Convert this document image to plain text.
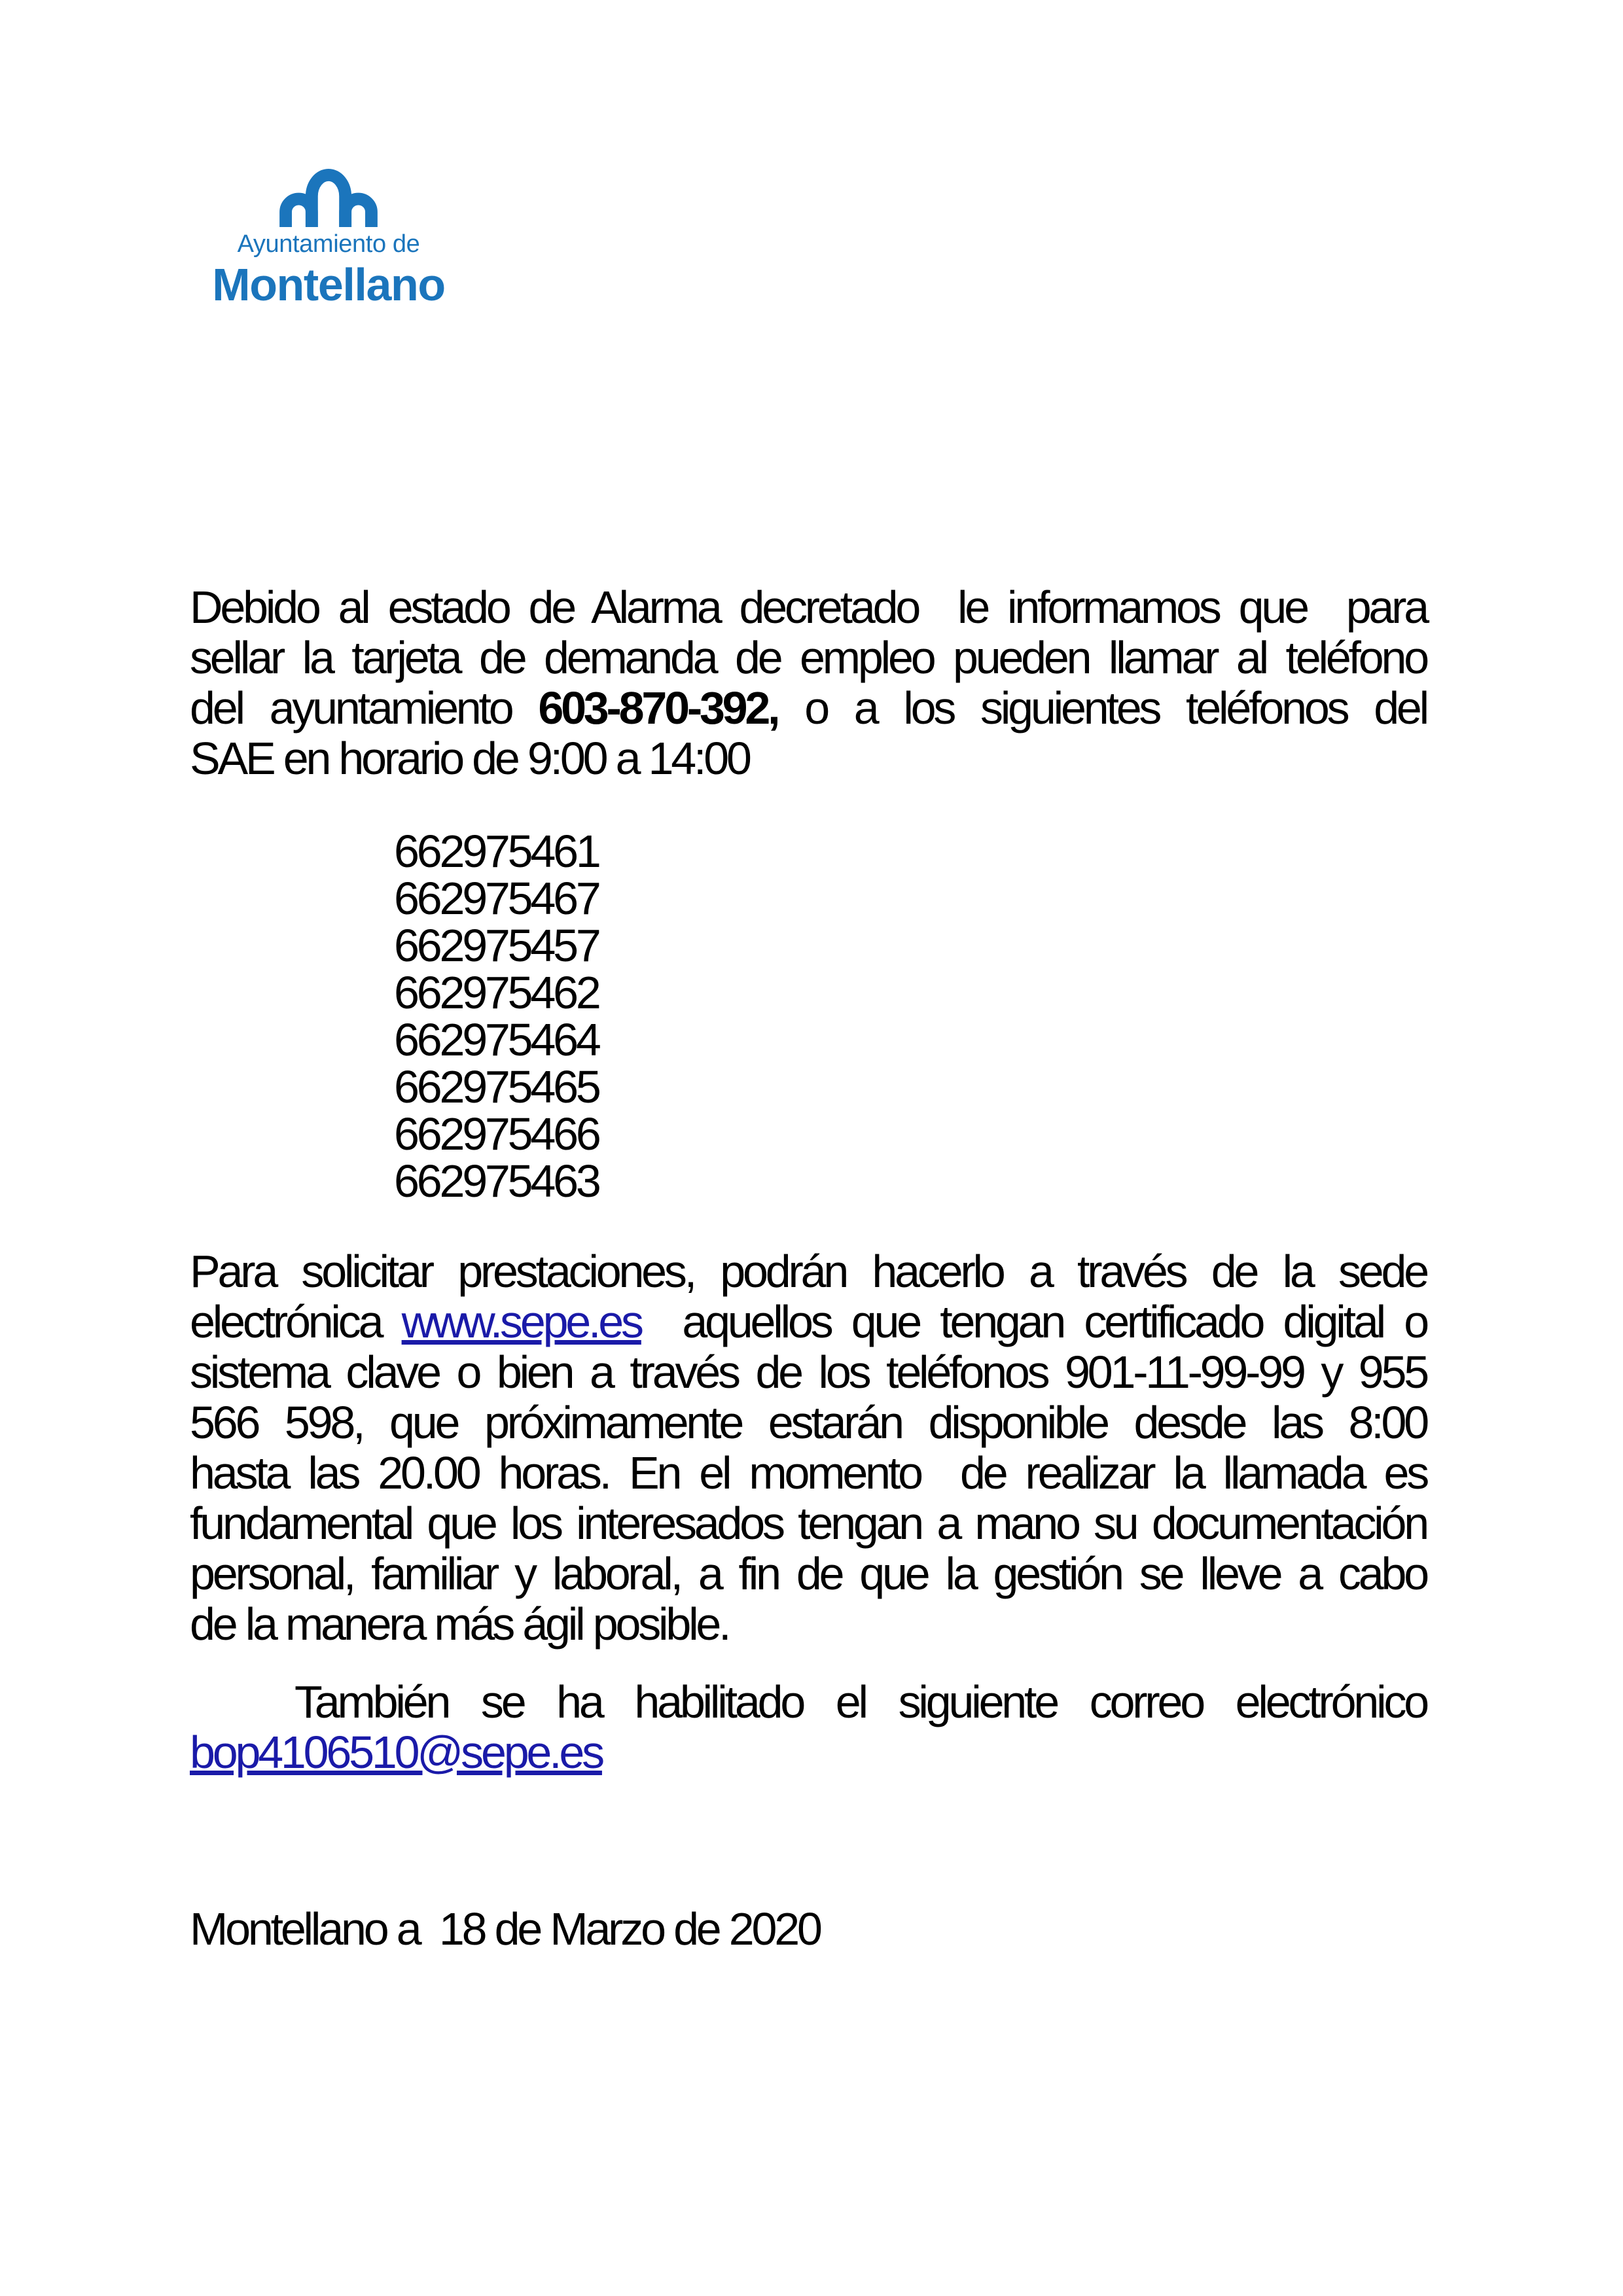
Ayuntamiento de
Montellano
Debido al estado de Alarma decretado  le informamos que  para
sellar la tarjeta de demanda de empleo pueden llamar al teléfono
del ayuntamiento 603-870-392, o a los siguientes teléfonos del
SAE en horario de 9:00 a 14:00
662975461
662975467
662975457
662975462
662975464
662975465
662975466
662975463
Para solicitar prestaciones, podrán hacerlo a través de la sede
electrónica www.sepe.es  aquellos que tengan certificado digital o
sistema clave o bien a través de los teléfonos 901-11-99-99 y 955
566 598, que próximamente estarán disponible desde las 8:00
hasta las 20.00 horas. En el momento  de realizar la llamada es
fundamental que los interesados tengan a mano su documentación
personal, familiar y laboral, a fin de que la gestión se lleve a cabo
de la manera más ágil posible.
También se ha habilitado el siguiente correo electrónico
bop4106510@sepe.es
Montellano a  18 de Marzo de 2020
